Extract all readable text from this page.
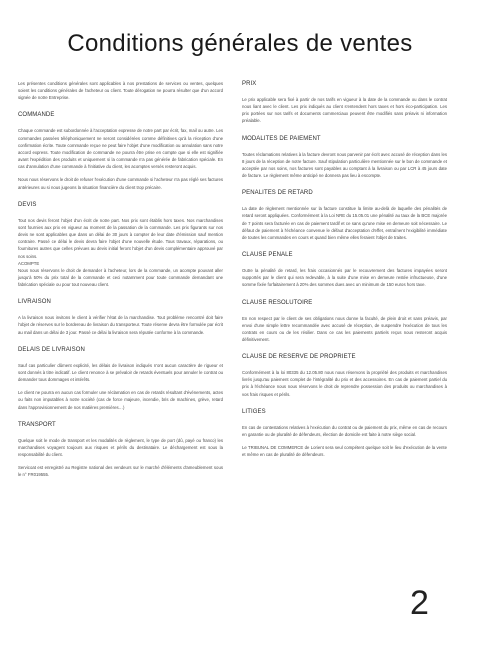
Conditions générales de ventes
Les présentes conditions générales sont applicables à nos prestations de services ou ventes, quelques soient les conditions générales de l'acheteur ou client. Toute dérogation ne pourra résulter que d'un accord signée de notre Entreprise.
COMMANDE
Chaque commande est subordonnée à l'acceptation expresse de notre part par écrit, fax, mail ou autre. Les commandes passées téléphoniquement ne seront considérées comme définitives qu'à la réception d'une confirmation écrite. Toute commande reçue ne peut faire l'objet d'une modification ou annulation sans notre accord express. Toute modification de commande ne pourra être prise en compte que si elle est signifiée avant l'expédition des produits et uniquement si la commande n'a pas générée de fabrication spéciale. En cas d'annulation d'une commande à l'initiative du client, les acomptes versés resteront acquis.
Nous nous réservons le droit de refuser l'exécution d'une commande si l'acheteur n'a pas réglé ses factures antérieures ou si nous jugeons la situation financière du client trop précaire.
DEVIS
Tout nos devis feront l'objet d'un écrit de notre part. Nos prix sont établis hors taxes. Nos marchandises sont fournies aux prix en vigueur au moment de la passation de la commande. Les prix figurants sur nos devis ne sont applicables que dans un délai de 30 jours à compter de leur date d'émission sauf mention contraire. Passé ce délai le devis devra faire l'objet d'une nouvelle étude. Tous travaux, réparations, ou fournitures autres que celles prévues au devis initial feront l'objet d'un devis complémentaire approuvé par nos soins.
ACOMPTE
Nous nous réservons le droit de demander à l'acheteur, lors de la commande, un acompte pouvant aller jusqu'à 50% du prix total de la commande et ceci notamment pour toute commande demandant une fabrication spéciale ou pour tout nouveau client.
LIVRAISON
A la livraison nous invitons le client à vérifier l'état de la marchandise. Tout problème rencontré doit faire l'objet de réserves sur le bordereau de livraison du transporteur. Toute réserve devra être formulée par écrit au mail dans un délai de 3 jour. Passé ce délai la livraison sera réputée conforme à la commande.
DELAIS DE LIVRAISON
Sauf cas particulier dûment explicité, les délais de livraison indiqués n'ont aucun caractère de rigueur et sont donnés à titre indicatif. Le client renonce à se prévaloir de retards éventuels pour annuler le contrat ou demander tous dommages et intérêts.
Le client ne pourra en aucun cas formuler une réclamation en cas de retards résultant d'événements, actes ou faits non imputables à notre société (cas de force majeure, incendie, bris de machines, grève, retard dans l'approvisionnement de nos matières premières…)
TRANSPORT
Quelque soit le mode de transport et les modalités de règlement, le type de port (dû, payé ou franco) les marchandises voyagent toujours aux risques et périls du destinataire. Le déchargement est sous la responsabilité du client.
Servicoat est enregistré au Registre national des vendeurs sur le marché d'éléments d'ameublement sous le n° FR019555.
PRIX
Le prix applicable sera fixé à partir de nos tarifs en vigueur à la date de la commande ou dans le contrat nous liant avec le client. Les prix indiqués au client s'entendent hors taxes et hors éco-participation. Les prix portées sur nos tarifs et documents commerciaux peuvent être modifiés sans préavis ni information préalable.
MODALITES DE PAIEMENT
Toutes réclamations relatives à la facture devront nous parvenir par écrit avec accusé de réception dans les 8 jours de la réception de notre facture. Sauf stipulation particulière mentionnée sur le bon de commande et acceptée par nos soins, nos factures sont payables au comptant à la livraison ou par LCR à 45 jours date de facture. Le règlement même anticipé ne donnera pas lieu à escompte.
PENALITES DE RETARD
La date de règlement mentionnée sur la facture constitue la limite au-delà de laquelle des pénalités de retard seront appliquées. Conformément à la Loi NRE du 15.05.01 une pénalité au taux de la BCE majorée de 7 points sera facturée en cas de paiement tardif et ce sans qu'une mise en demeure soit nécessaire. Le défaut de paiement à l'échéance convenue le défaut d'acceptation d'effet, entraînent l'exigibilité immédiate de toutes les commandes en cours et quand bien même elles feraient l'objet de traites.
CLAUSE PENALE
Outre la pénalité de retard, les frais occasionnés par le recouvrement des factures impayées seront supportés par le client qui sera redevable, à la suite d'une mise en demeure restée infructueuse, d'une somme fixée forfaitairement à 20% des sommes dues avec un minimum de 150 euros hors taxe.
CLAUSE RESOLUTOIRE
En non respect par le client de ses obligations nous donne la faculté, de plein droit et sans préavis, par envoi d'une simple lettre recommandée avec accusé de réception, de suspendre l'exécution de tous les contrats en cours ou de les résilier. Dans ce cas les paiements partiels reçus nous resteront acquis définitivement.
CLAUSE DE RESERVE DE PROPRIETE
Conformément à la loi 80335 du 12.05.80 nous nous réservons la propriété des produits et marchandises livrés jusqu'au paiement complet de l'intégralité du prix et des accessoires. En cas de paiement partiel du prix à l'échéance nous nous réservons le droit de reprendre possession des produits ou marchandises à vos frais risques et périls.
LITIGES
En cas de contestations relatives à l'exécution du contrat ou de paiement du prix, même en cas de recours en garantie ou de pluralité de défendeurs, élection de domicile est faite à notre siège social.
Le TRIBUNAL DE COMMERCE de Lorient sera seul compétent quelque soit le lieu d'exécution de la vente et même en cas de pluralité de défendeurs.
2
